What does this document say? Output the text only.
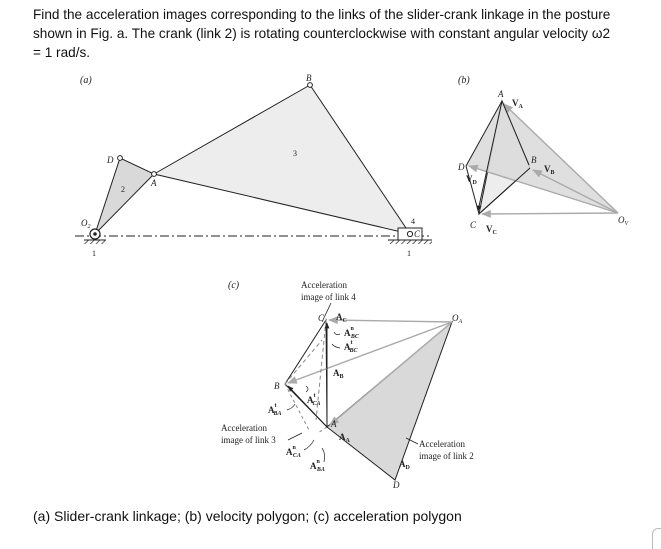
Find the acceleration images corresponding to the links of the slider-crank linkage in the posture
shown in Fig. a. The crank (link 2) is rotating counterclockwise with constant angular velocity ω2
= 1 rad/s.
(a)	B
D
A
$O_2$
C
1
2
3
4
1
(b)
A
$V_A$
D
$V_D$
B
$V_B$
C $V_C$
$O_V$
(c)	Acceleration
image of link 4
Acceleration
image of link 3	Acceleration
image of link 2
C
B
A
D
$O_A$
$A_C$
$A^n$ BC
$A^t$ BC
$A_B$
$A^t$ CA
$A^t$ BA
$A_A$
$A^n$ CA
$A^n$ BA
$A_D$
(a) Slider-crank linkage; (b) velocity polygon; (c) acceleration polygon
